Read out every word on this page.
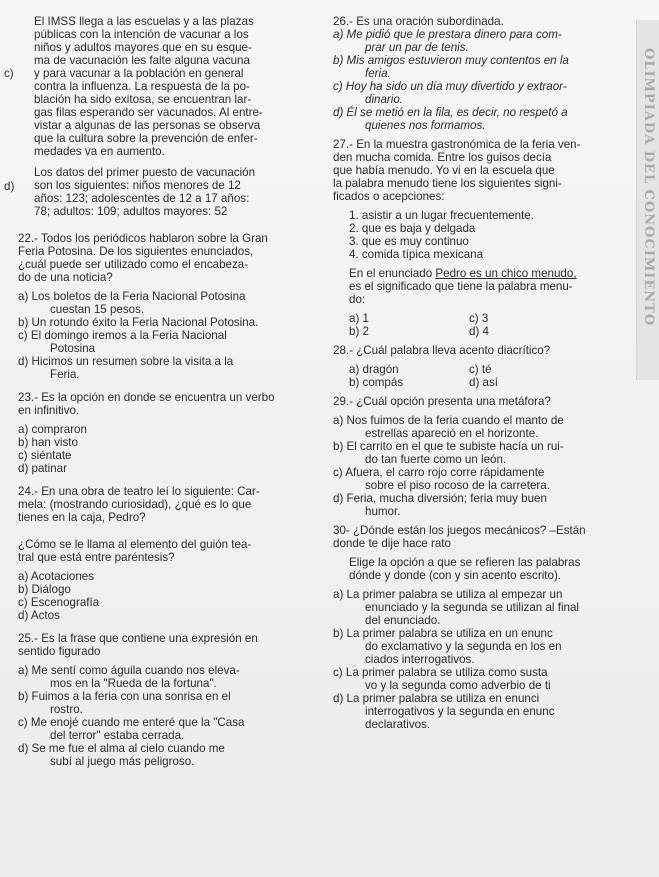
OLIMPIADA DEL CONOCIMIENTO
c)
El IMSS llega a las escuelas y a las plazas
públicas con la intención de vacunar a los
niños y adultos mayores que en su esque-
ma de vacunación les falte alguna vacuna
y para vacunar a la población en general
contra la influenza. La respuesta de la po-
blación ha sido exitosa, se encuentran lar-
gas filas esperando ser vacunados. Al entre-
vistar a algunas de las personas se observa
que la cultura sobre la prevención de enfer-
medades va en aumento.
d)
Los datos del primer puesto de vacunación
son los siguientes: niños menores de 12
años: 123; adolescentes de 12 a 17 años:
78; adultos: 109; adultos mayores: 52
22.- Todos los periódicos hablaron sobre la Gran
Feria Potosina. De los siguientes enunciados,
¿cuál puede ser utilizado como el encabeza-
do de una noticia?
a) Los boletos de la Feria Nacional Potosina
cuestan 15 pesos.
b) Un rotundo éxito la Feria Nacional Potosina.
c) El domingo iremos a la Feria Nacional
Potosina
d) Hicimos un resumen sobre la visita a la
Feria.
23.- Es la opción en donde se encuentra un verbo
en infinitivo.
a) compraron
b) han visto
c) siéntate
d) patinar
24.- En una obra de teatro leí lo siguiente: Car-
mela: (mostrando curiosidad), ¿qué es lo que
tienes en la caja, Pedro?
¿Cómo se le llama al elemento del guión tea-
tral que está entre paréntesis?
a) Acotaciones
b) Diálogo
c) Escenografía
d) Actos
25.- Es la frase que contiene una expresión en
sentido figurado
a) Me sentí como águila cuando nos eleva-
mos en la "Rueda de la fortuna".
b) Fuimos a la feria con una sonrisa en el
rostro.
c) Me enojé cuando me enteré que la "Casa
del terror" estaba cerrada.
d) Se me fue el alma al cielo cuando me
subí al juego más peligroso.
26.- Es una oración subordinada.
a) Me pidió que le prestara dinero para com-
prar un par de tenis.
b) Mis amigos estuvieron muy contentos en la
feria.
c) Hoy ha sido un día muy divertido y extraor-
dinario.
d) Él se metió en la fila, es decir, no respetó a
quienes nos formamos.
27.- En la muestra gastronómica de la feria ven-
den mucha comida. Entre los guisos decía
que había menudo. Yo vi en la escuela que
la palabra menudo tiene los siguientes signi-
ficados o acepciones:
1. asistir a un lugar frecuentemente.
2. que es baja y delgada
3. que es muy continuo
4. comida típica mexicana
En el enunciado Pedro es un chico menudo,
es el significado que tiene la palabra menu-
do:
a) 1	c) 3
b) 2	d) 4
28.- ¿Cuál palabra lleva acento diacrítico?
a) dragón	c) té
b) compás	d) así
29.- ¿Cuál opción presenta una metáfora?
a) Nos fuimos de la feria cuando el manto de
estrellas apareció en el horizonte.
b) El carrito en el que te subiste hacía un rui-
do tan fuerte como un león.
c) Afuera, el carro rojo corre rápidamente
sobre el piso rocoso de la carretera.
d) Feria, mucha diversión; feria muy buen
humor.
30- ¿Dónde están los juegos mecánicos? –Están
donde te dije hace rato
Elige la opción a que se refieren las palabras
dónde y donde (con y sin acento escrito).
a) La primer palabra se utiliza al empezar un
enunciado y la segunda se utilizan al final
del enunciado.
b) La primer palabra se utiliza en un enunc
do exclamativo y la segunda en los en
ciados interrogativos.
c) La primer palabra se utiliza como susta
vo y la segunda como adverbio de ti
d) La primer palabra se utiliza en enunci
interrogativos y la segunda en enunc
declarativos.
